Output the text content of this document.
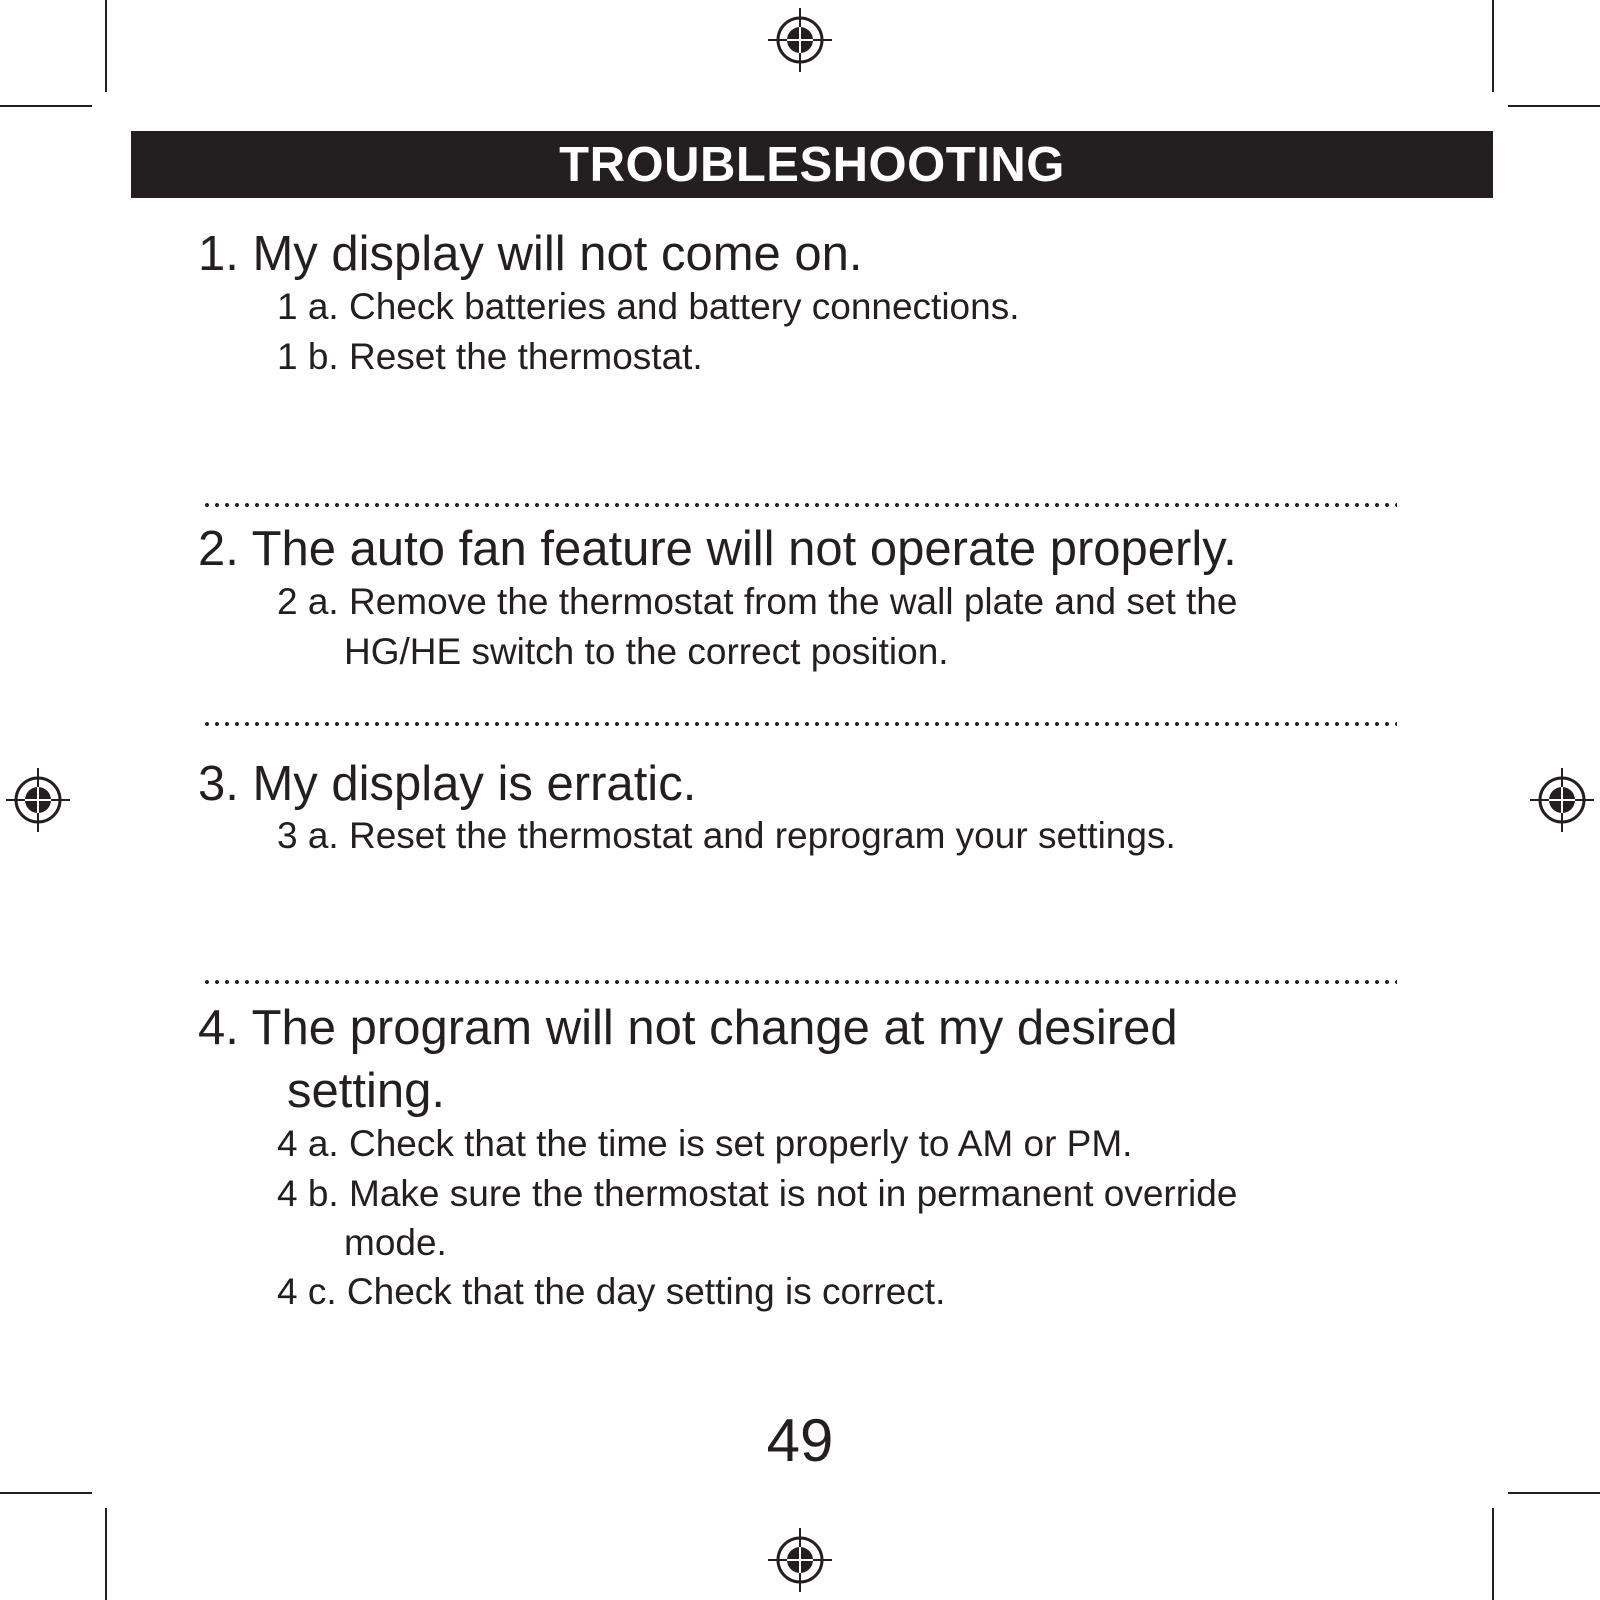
TROUBLESHOOTING
1. My display will not come on.
1 a. Check batteries and battery connections.
1 b. Reset the thermostat.
2. The auto fan feature will not operate properly.
2 a. Remove the thermostat from the wall plate and set the
HG/HE switch to the correct position.
3. My display is erratic.
3 a. Reset the thermostat and reprogram your settings.
4. The program will not change at my desired
setting.
4 a. Check that the time is set properly to AM or PM.
4 b. Make sure the thermostat is not in permanent override
mode.
4 c. Check that the day setting is correct.
49
